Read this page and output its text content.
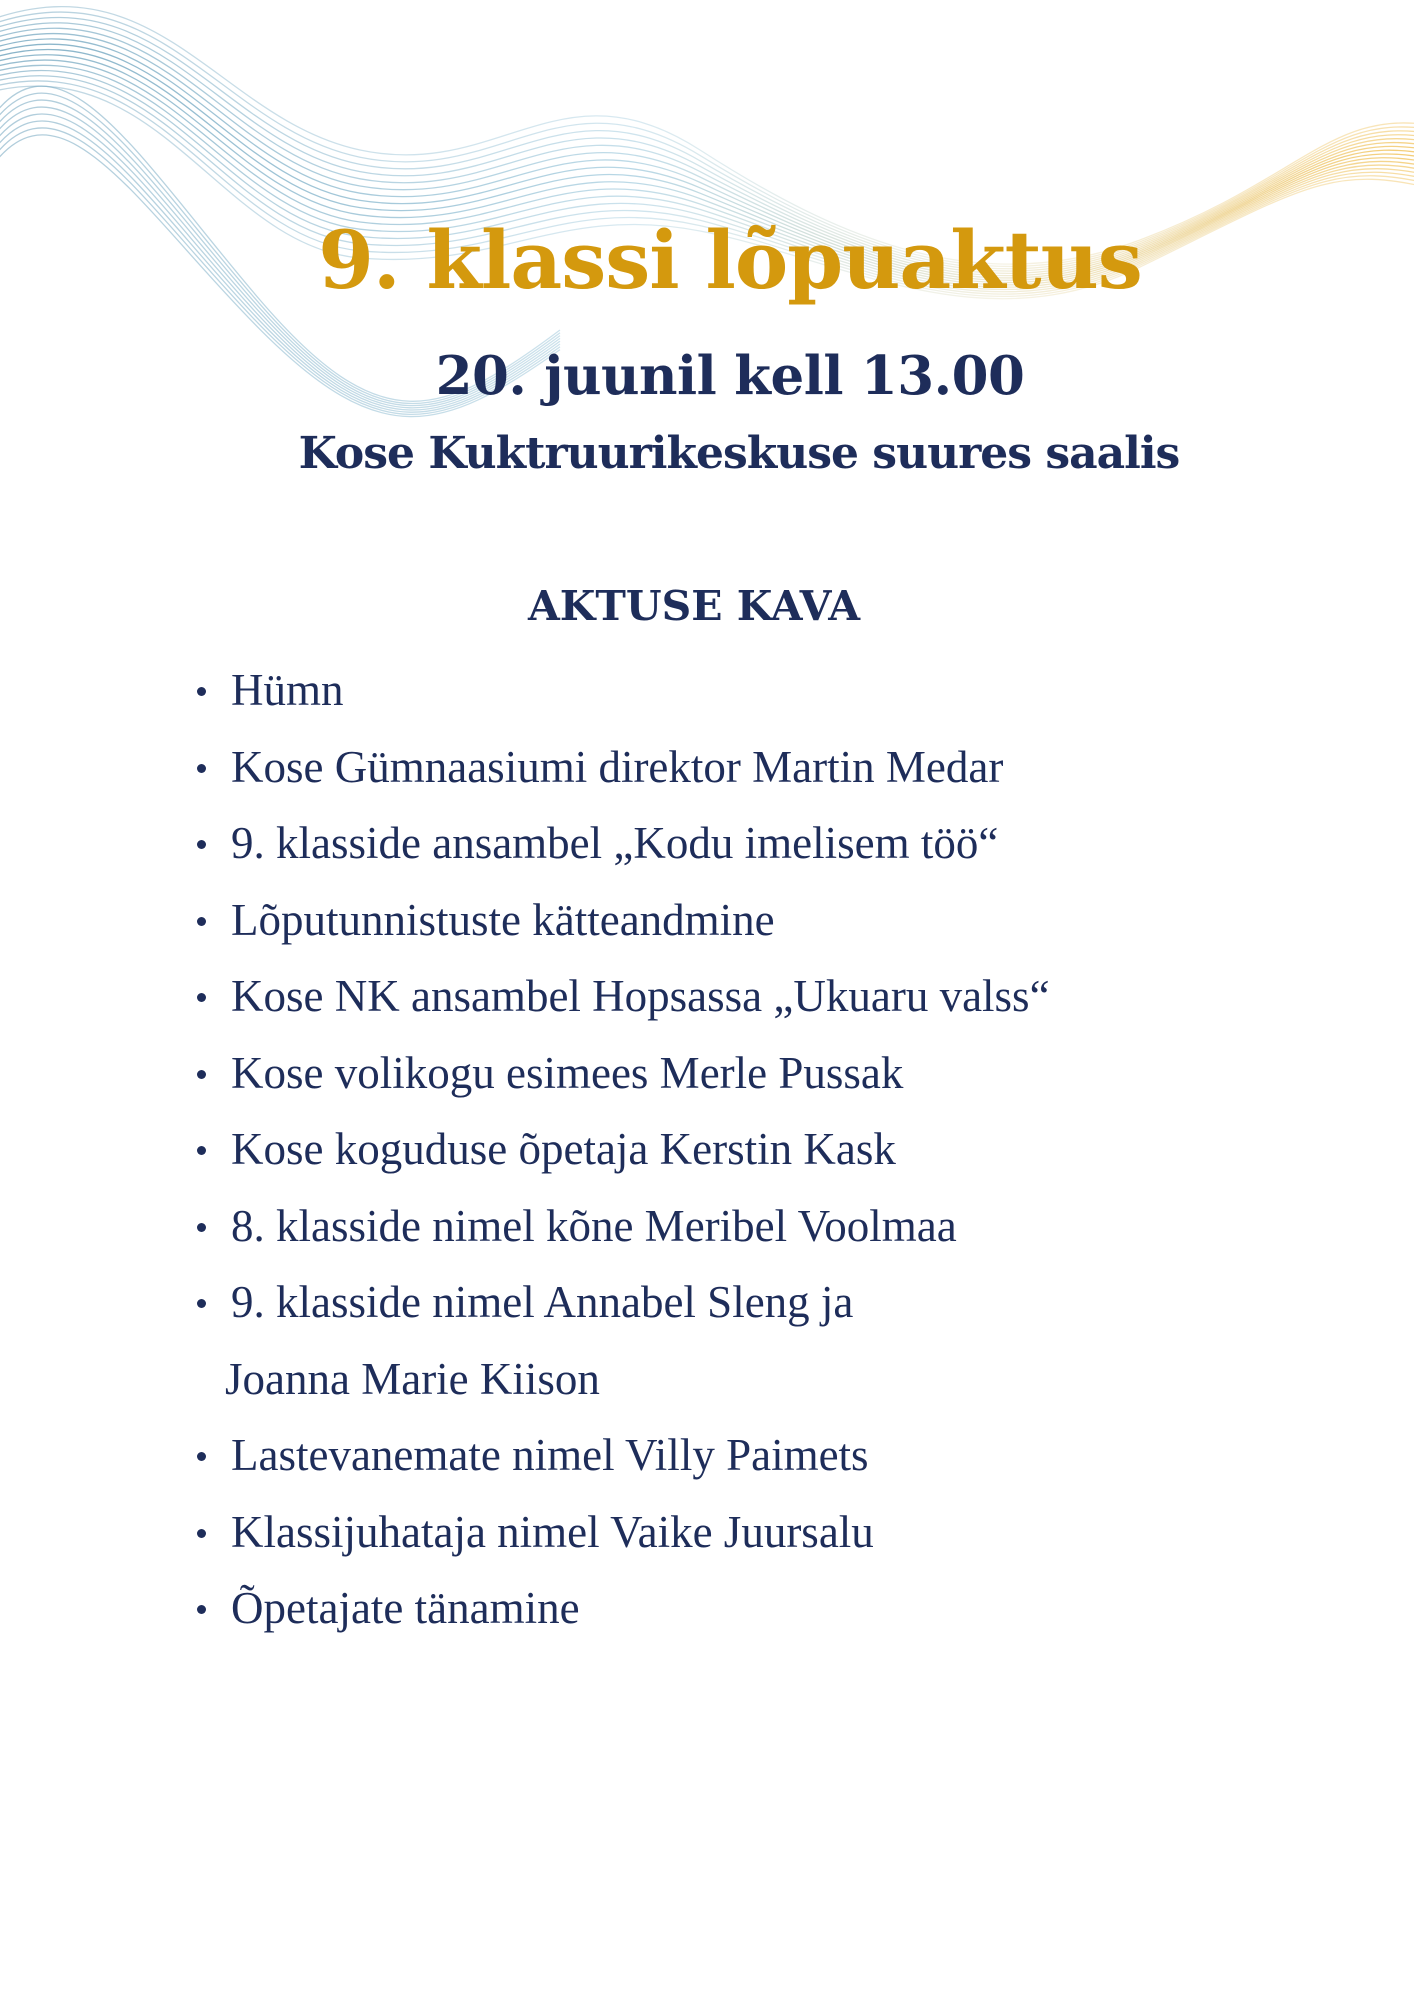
9. klassi lõpuaktus
20. juunil kell 13.00
Kose Kuktruurikeskuse suures saalis
AKTUSE KAVA
Hümn
Kose Gümnaasiumi direktor Martin Medar
9. klasside ansambel „Kodu imelisem töö“
Lõputunnistuste kätteandmine
Kose NK ansambel Hopsassa „Ukuaru valss“
Kose volikogu esimees Merle Pussak
Kose koguduse õpetaja Kerstin Kask
8. klasside nimel kõne Meribel Voolmaa
9. klasside nimel Annabel Sleng ja
Joanna Marie Kiison
Lastevanemate nimel Villy Paimets
Klassijuhataja nimel Vaike Juursalu
Õpetajate tänamine
